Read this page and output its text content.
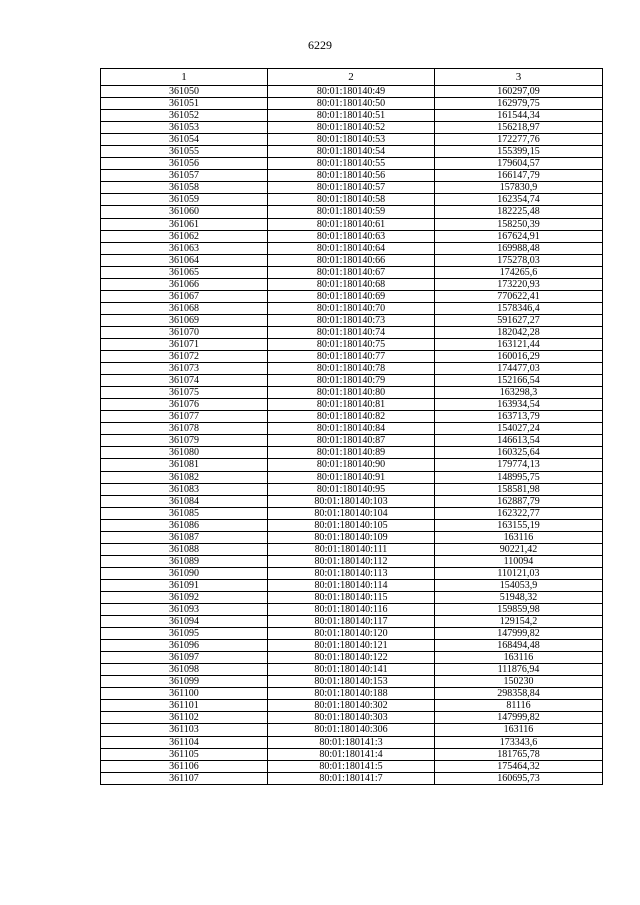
6229
1	2	3
361050	80:01:180140:49	160297,09
361051	80:01:180140:50	162979,75
361052	80:01:180140:51	161544,34
361053	80:01:180140:52	156218,97
361054	80:01:180140:53	172277,76
361055	80:01:180140:54	155399,15
361056	80:01:180140:55	179604,57
361057	80:01:180140:56	166147,79
361058	80:01:180140:57	157830,9
361059	80:01:180140:58	162354,74
361060	80:01:180140:59	182225,48
361061	80:01:180140:61	158250,39
361062	80:01:180140:63	167624,91
361063	80:01:180140:64	169988,48
361064	80:01:180140:66	175278,03
361065	80:01:180140:67	174265,6
361066	80:01:180140:68	173220,93
361067	80:01:180140:69	770622,41
361068	80:01:180140:70	1578346,4
361069	80:01:180140:73	591627,27
361070	80:01:180140:74	182042,28
361071	80:01:180140:75	163121,44
361072	80:01:180140:77	160016,29
361073	80:01:180140:78	174477,03
361074	80:01:180140:79	152166,54
361075	80:01:180140:80	163298,3
361076	80:01:180140:81	163934,54
361077	80:01:180140:82	163713,79
361078	80:01:180140:84	154027,24
361079	80:01:180140:87	146613,54
361080	80:01:180140:89	160325,64
361081	80:01:180140:90	179774,13
361082	80:01:180140:91	148995,75
361083	80:01:180140:95	158581,98
361084	80:01:180140:103	162887,79
361085	80:01:180140:104	162322,77
361086	80:01:180140:105	163155,19
361087	80:01:180140:109	163116
361088	80:01:180140:111	90221,42
361089	80:01:180140:112	110094
361090	80:01:180140:113	110121,03
361091	80:01:180140:114	154053,9
361092	80:01:180140:115	51948,32
361093	80:01:180140:116	159859,98
361094	80:01:180140:117	129154,2
361095	80:01:180140:120	147999,82
361096	80:01:180140:121	168494,48
361097	80:01:180140:122	163116
361098	80:01:180140:141	111876,94
361099	80:01:180140:153	150230
361100	80:01:180140:188	298358,84
361101	80:01:180140:302	81116
361102	80:01:180140:303	147999,82
361103	80:01:180140:306	163116
361104	80:01:180141:3	173343,6
361105	80:01:180141:4	181765,78
361106	80:01:180141:5	175464,32
361107	80:01:180141:7	160695,73
